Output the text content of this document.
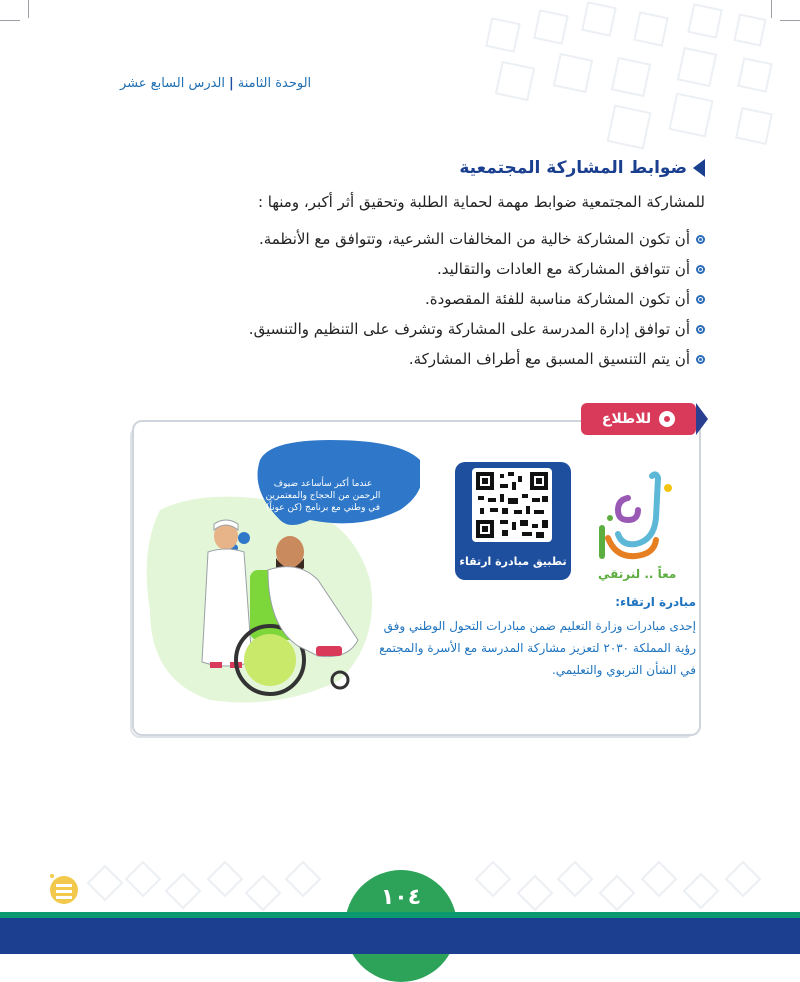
الوحدة الثامنة|الدرس السابع عشر
ضوابط المشاركة المجتمعية
للمشاركة المجتمعية ضوابط مهمة لحماية الطلبة وتحقيق أثر أكبر، ومنها :
أن تكون المشاركة خالية من المخالفات الشرعية، وتتوافق مع الأنظمة.
أن تتوافق المشاركة مع العادات والتقاليد.
أن تكون المشاركة مناسبة للفئة المقصودة.
أن توافق إدارة المدرسة على المشاركة وتشرف على التنظيم والتنسيق.
أن يتم التنسيق المسبق مع أطراف المشاركة.
للاطلاع
معاً .. لنرتقي
تطبيق مبادرة ارتقاء
مبادرة ارتقاء:
إحدى مبادرات وزارة التعليم ضمن مبادرات التحول الوطني وفق رؤية المملكة ٢٠٣٠ لتعزيز مشاركة المدرسة مع الأسرة والمجتمع في الشأن التربوي والتعليمي.
عندما أكبر سأساعد ضيوف الرحمن من الحجاج والمعتمرين في وطني مع برنامج (كن عوناً)
١٠٤
